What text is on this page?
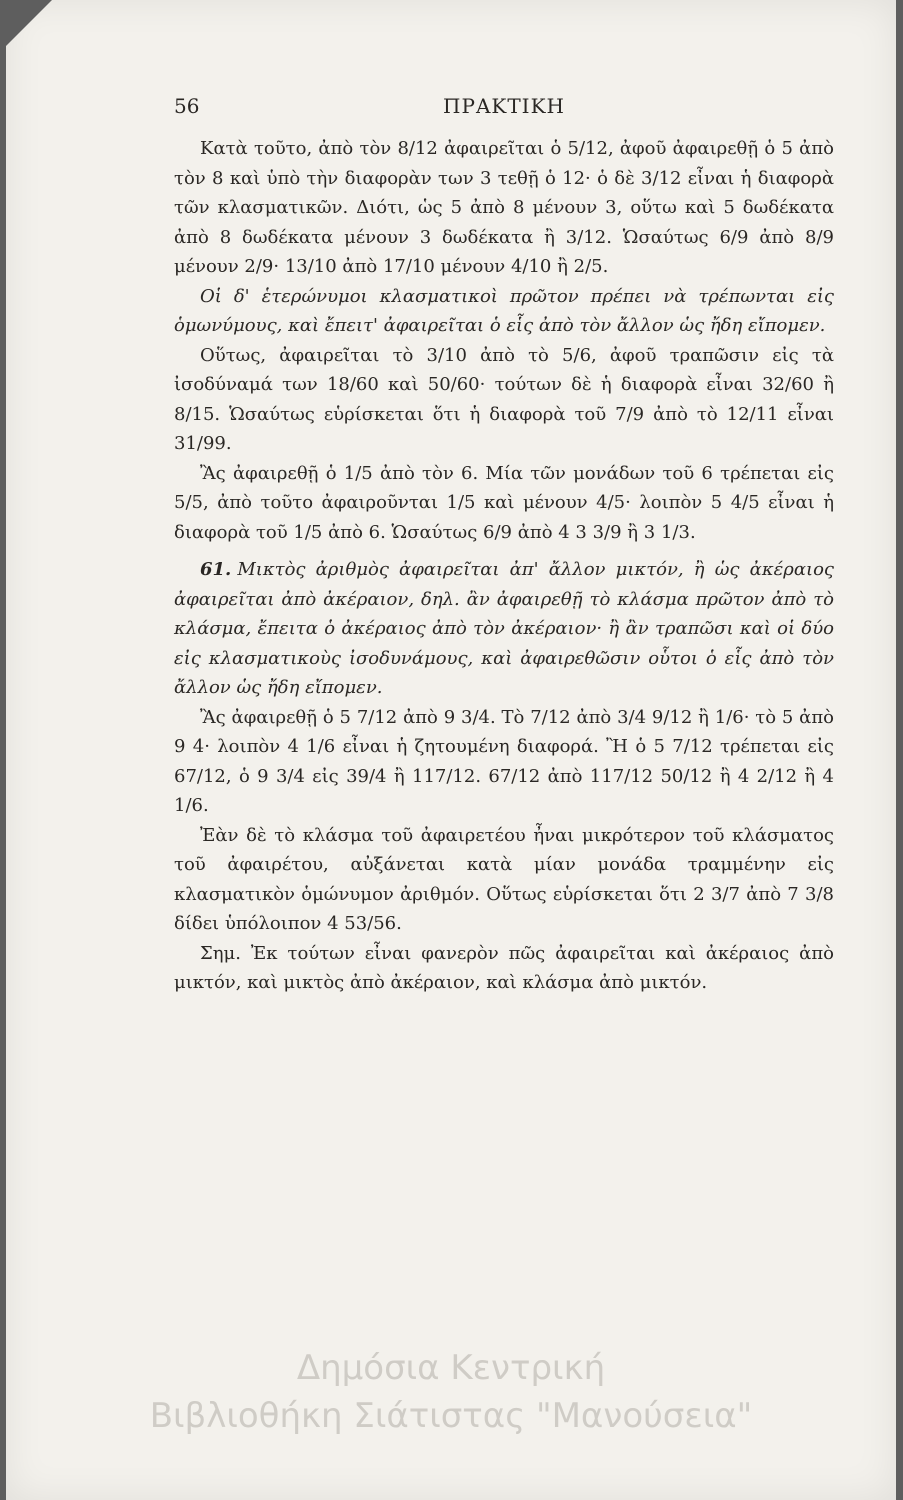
56	ΠΡΑΚΤΙΚΗ

Κατὰ τοῦτο, ἀπὸ τὸν 8/12 ἀφαιρεῖται ὁ 5/12, ἀφοῦ ἀφαιρεθῇ ὁ 5 ἀπὸ τὸν 8 καὶ ὑπὸ τὴν διαφορὰν των 3 τεθῇ ὁ 12· ὁ δὲ 3/12 εἶναι ἡ διαφορὰ τῶν κλασματικῶν. Διότι, ὡς 5 ἀπὸ 8 μένουν 3, οὕτω καὶ 5 δωδέκατα ἀπὸ 8 δωδέκατα μένουν 3 δωδέκατα ἢ 3/12. Ὡσαύτως 6/9 ἀπὸ 8/9 μένουν 2/9· 13/10 ἀπὸ 17/10 μένουν 4/10 ἢ 2/5.

Οἱ δ' ἑτερώνυμοι κλασματικοὶ πρῶτον πρέπει νὰ τρέπωνται εἰς ὁμωνύμους, καὶ ἔπειτ' ἀφαιρεῖται ὁ εἷς ἀπὸ τὸν ἄλλον ὡς ἤδη εἴπομεν.

Οὕτως, ἀφαιρεῖται τὸ 3/10 ἀπὸ τὸ 5/6, ἀφοῦ τραπῶσιν εἰς τὰ ἰσοδύναμά των 18/60 καὶ 50/60· τούτων δὲ ἡ διαφορὰ εἶναι 32/60 ἢ 8/15. Ὡσαύτως εὑρίσκεται ὅτι ἡ διαφορὰ τοῦ 7/9 ἀπὸ τὸ 12/11 εἶναι 31/99.

Ἂς ἀφαιρεθῇ ὁ 1/5 ἀπὸ τὸν 6. Μία τῶν μονάδων τοῦ 6 τρέπεται εἰς 5/5, ἀπὸ τοῦτο ἀφαιροῦνται 1/5 καὶ μένουν 4/5· λοιπὸν 5 4/5 εἶναι ἡ διαφορὰ τοῦ 1/5 ἀπὸ 6. Ὡσαύτως 6/9 ἀπὸ 4 3 3/9 ἢ 3 1/3.

61. Μικτὸς ἀριθμὸς ἀφαιρεῖται ἀπ' ἄλλον μικτόν, ἢ ὡς ἀκέραιος ἀφαιρεῖται ἀπὸ ἀκέραιον, δηλ. ἂν ἀφαιρεθῇ τὸ κλάσμα πρῶτον ἀπὸ τὸ κλάσμα, ἔπειτα ὁ ἀκέραιος ἀπὸ τὸν ἀκέραιον· ἢ ἂν τραπῶσι καὶ οἱ δύο εἰς κλασματικοὺς ἰσοδυνάμους, καὶ ἀφαιρεθῶσιν οὗτοι ὁ εἷς ἀπὸ τὸν ἄλλον ὡς ἤδη εἴπομεν.

Ἂς ἀφαιρεθῇ ὁ 5 7/12 ἀπὸ 9 3/4. Τὸ 7/12 ἀπὸ 3/4 9/12 ἢ 1/6· τὸ 5 ἀπὸ 9 4· λοιπὸν 4 1/6 εἶναι ἡ ζητουμένη διαφορά. Ἢ ὁ 5 7/12 τρέπεται εἰς 67/12, ὁ 9 3/4 εἰς 39/4 ἢ 117/12. 67/12 ἀπὸ 117/12 50/12 ἢ 4 2/12 ἢ 4 1/6.

Ἐὰν δὲ τὸ κλάσμα τοῦ ἀφαιρετέου ἦναι μικρότερον τοῦ κλάσματος τοῦ ἀφαιρέτου, αὐξάνεται κατὰ μίαν μονάδα τραμμένην εἰς κλασματικὸν ὁμώνυμον ἀριθμόν. Οὕτως εὑρίσκεται ὅτι 2 3/7 ἀπὸ 7 3/8 δίδει ὑπόλοιπον 4 53/56.

Σημ. Ἐκ τούτων εἶναι φανερὸν πῶς ἀφαιρεῖται καὶ ἀκέραιος ἀπὸ μικτόν, καὶ μικτὸς ἀπὸ ἀκέραιον, καὶ κλάσμα ἀπὸ μικτόν.

Δημόσια Κεντρική
Βιβλιοθήκη Σιάτιστας "Μανούσεια"
